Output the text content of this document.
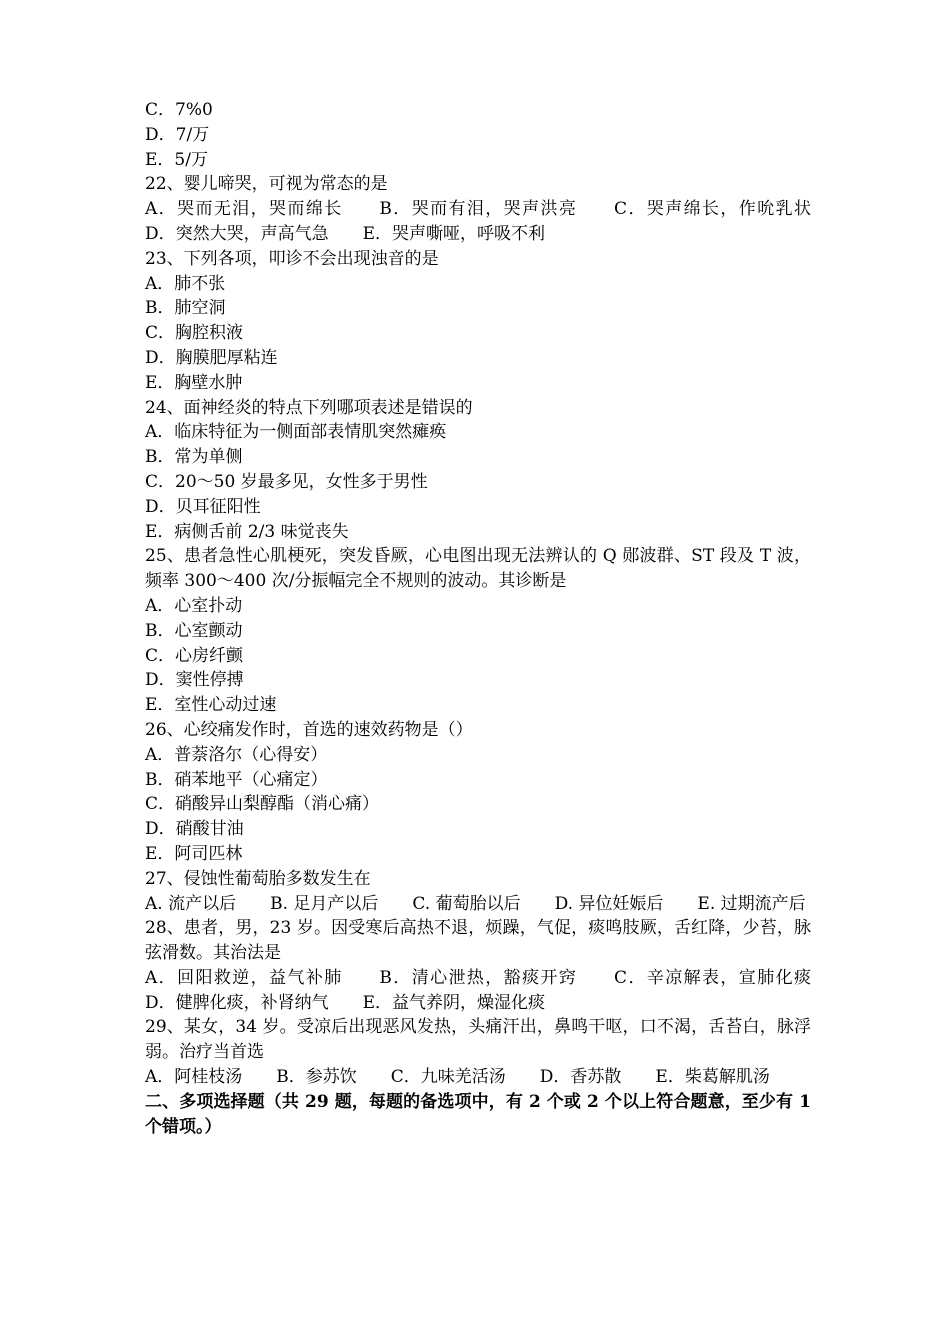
C．7%0
D．7/万
E．5/万
22、婴儿啼哭，可视为常态的是
A．哭而无泪，哭而绵长　　B．哭而有泪，哭声洪亮　　C．哭声绵长，作吮乳状　　D．突然大哭，声高气急　　E．哭声嘶哑，呼吸不利
23、下列各项，叩诊不会出现浊音的是
A．肺不张
B．肺空洞
C．胸腔积液
D．胸膜肥厚粘连
E．胸壁水肿
24、面神经炎的特点下列哪项表述是错误的
A．临床特征为一侧面部表情肌突然瘫痪
B．常为单侧
C．20～50 岁最多见，女性多于男性
D．贝耳征阳性
E．病侧舌前 2/3 味觉丧失
25、患者急性心肌梗死，突发昏厥，心电图出现无法辨认的 Q 郧波群、ST 段及 T 波，频率 300～400 次/分振幅完全不规则的波动。其诊断是
A．心室扑动
B．心室颤动
C．心房纤颤
D．窦性停搏
E．室性心动过速
26、心绞痛发作时，首选的速效药物是（）
A．普萘洛尔（心得安）
B．硝苯地平（心痛定）
C．硝酸异山梨醇酯（消心痛）
D．硝酸甘油
E．阿司匹林
27、侵蚀性葡萄胎多数发生在
A. 流产以后　　B. 足月产以后　　C. 葡萄胎以后　　D. 异位妊娠后　　E. 过期流产后
28、患者，男，23 岁。因受寒后高热不退，烦躁，气促，痰鸣肢厥，舌红降，少苔，脉弦滑数。其治法是
A．回阳救逆，益气补肺　　B．清心泄热，豁痰开窍　　C．辛凉解表，宣肺化痰　　D．健脾化痰，补肾纳气　　E．益气养阴，燥湿化痰
29、某女，34 岁。受凉后出现恶风发热，头痛汗出，鼻鸣干呕，口不渴，舌苔白，脉浮弱。治疗当首选
A．阿桂枝汤　　B．参苏饮　　C．九味羌活汤　　D．香苏散　　E．柴葛解肌汤
二、多项选择题（共 29 题，每题的备选项中，有 2 个或 2 个以上符合题意，至少有 1 个错项。）
